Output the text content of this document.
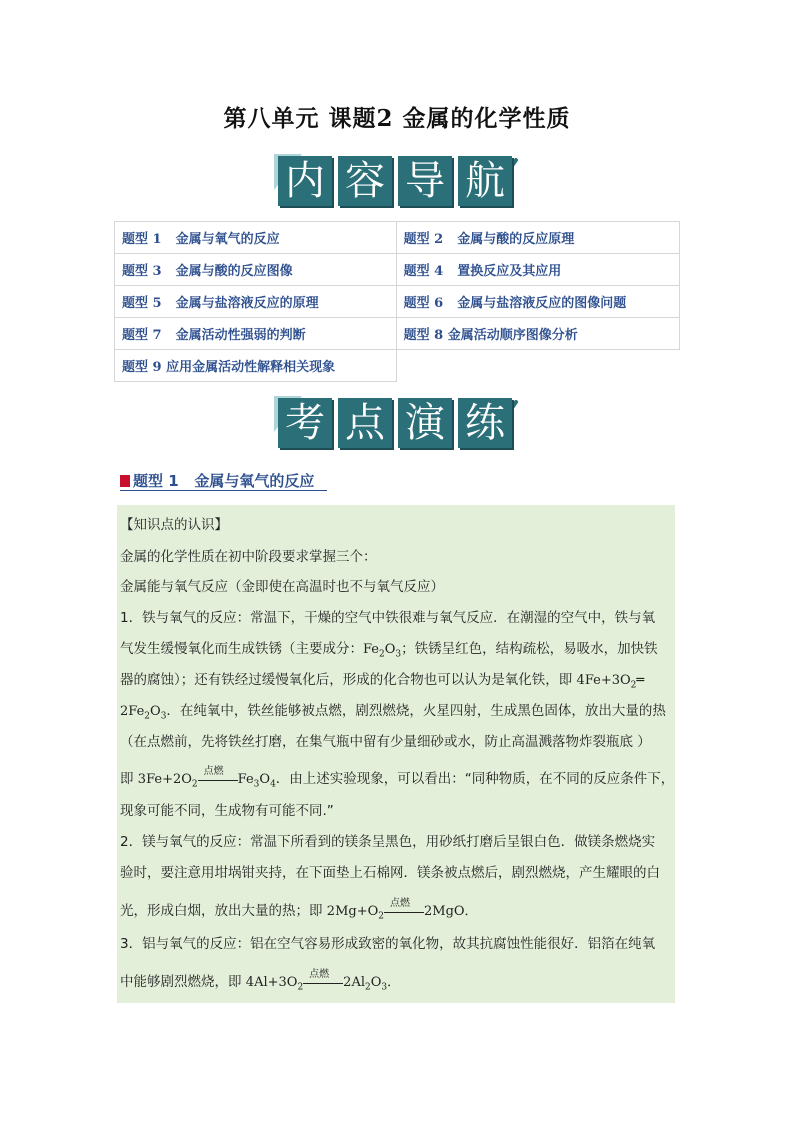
第八单元 课题2 金属的化学性质
内 容 导 航
题型 1 金属与氧气的反应	题型 2 金属与酸的反应原理
题型 3 金属与酸的反应图像	题型 4 置换反应及其应用
题型 5 金属与盐溶液反应的原理	题型 6 金属与盐溶液反应的图像问题
题型 7 金属活动性强弱的判断	题型 8 金属活动顺序图像分析
题型 9 应用金属活动性解释相关现象	
考 点 演 练
题型 1 金属与氧气的反应

【知识点的认识】

金属的化学性质在初中阶段要求掌握三个：

金属能与氧气反应（金即使在高温时也不与氧气反应）

1．铁与氧气的反应：常温下，干燥的空气中铁很难与氧气反应．在潮湿的空气中，铁与氧

气发生缓慢氧化而生成铁锈（主要成分：$Fe_2O_3$；铁锈呈红色，结构疏松，易吸水，加快铁

器的腐蚀）；还有铁经过缓慢氧化后，形成的化合物也可以认为是氧化铁，即 $4Fe+3O_2═$

$2Fe_2O_3$．在纯氧中，铁丝能够被点燃，剧烈燃烧，火星四射，生成黑色固体，放出大量的热

（在点燃前，先将铁丝打磨，在集气瓶中留有少量细砂或水，防止高温溅落物炸裂瓶底 ）

即 $3Fe+2O_2$
点燃
$Fe_3O_4$．由上述实验现象，可以看出：“同种物质，在不同的反应条件下，

现象可能不同，生成物有可能不同.”

2．镁与氧气的反应：常温下所看到的镁条呈黑色，用砂纸打磨后呈银白色．做镁条燃烧实

验时，要注意用坩埚钳夹持，在下面垫上石棉网．镁条被点燃后，剧烈燃烧，产生耀眼的白

光，形成白烟，放出大量的热；即 $2Mg+O_2$
点燃
2MgO．

3．铝与氧气的反应：铝在空气容易形成致密的氧化物，故其抗腐蚀性能很好．铝箔在纯氧

中能够剧烈燃烧，即 $4Al+3O_2$
点燃
$2Al_2O_3$．
